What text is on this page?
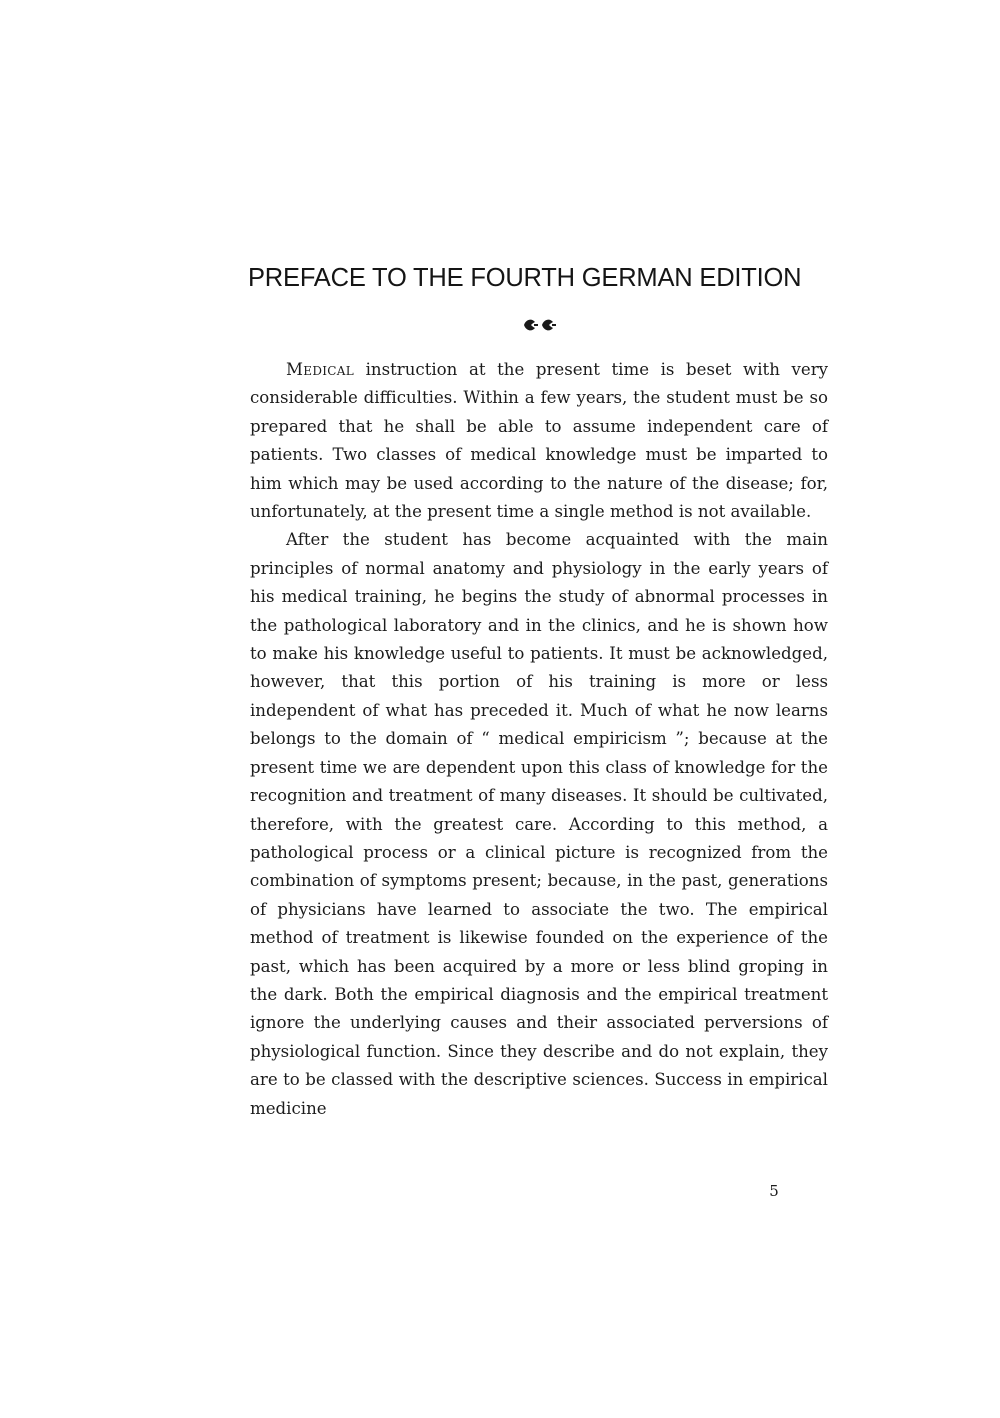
PREFACE TO THE FOURTH GERMAN EDITION

Medical instruction at the present time is beset with very considerable difficulties. Within a few years, the student must be so prepared that he shall be able to assume independent care of patients. Two classes of medical knowledge must be imparted to him which may be used according to the nature of the disease; for, unfortunately, at the present time a single method is not available.

After the student has become acquainted with the main principles of normal anatomy and physiology in the early years of his medical training, he begins the study of abnormal processes in the pathological laboratory and in the clinics, and he is shown how to make his knowledge useful to patients. It must be acknowledged, however, that this portion of his training is more or less independent of what has preceded it. Much of what he now learns belongs to the domain of “ medical empiricism ”; because at the present time we are dependent upon this class of knowledge for the recognition and treatment of many diseases. It should be cultivated, therefore, with the greatest care. According to this method, a pathological process or a clinical picture is recognized from the combination of symptoms present; because, in the past, generations of physicians have learned to associate the two. The empirical method of treatment is likewise founded on the experience of the past, which has been acquired by a more or less blind groping in the dark. Both the empirical diagnosis and the empirical treatment ignore the underlying causes and their associated perversions of physiological function. Since they describe and do not explain, they are to be classed with the descriptive sciences. Success in empirical medicine

5
